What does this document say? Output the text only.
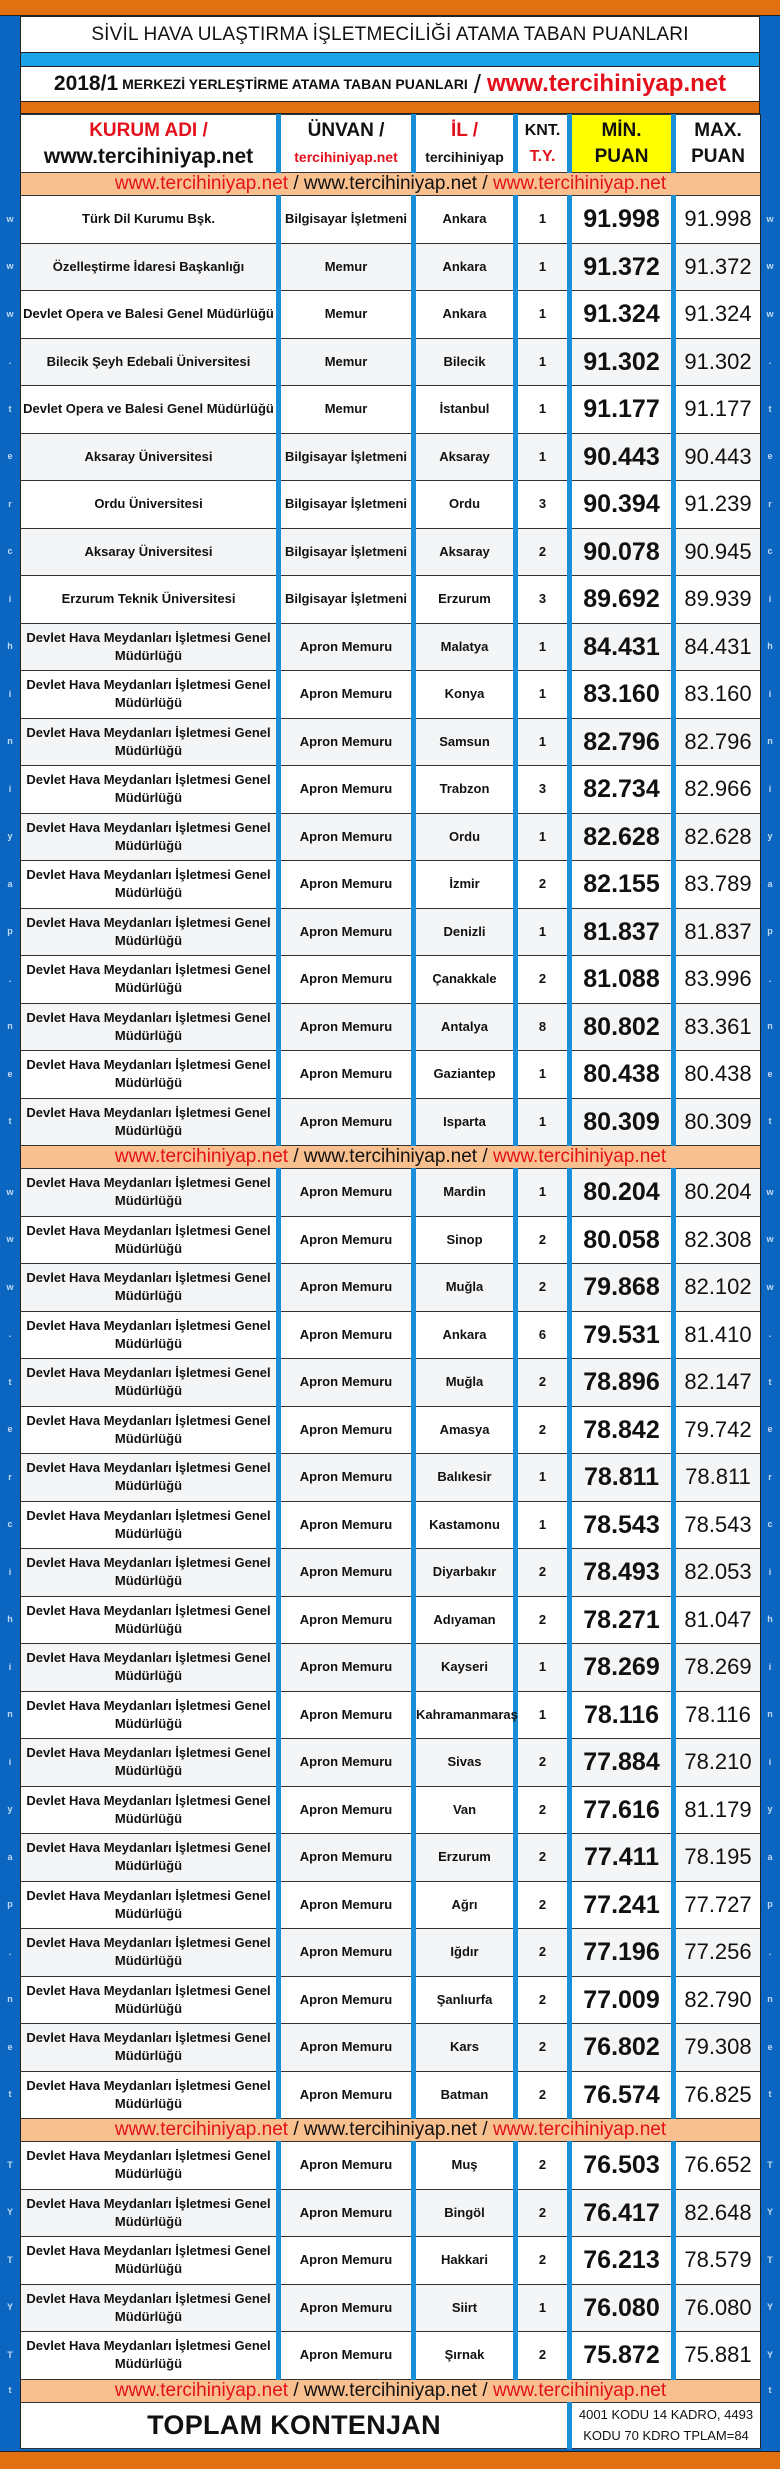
SİVİL HAVA ULAŞTIRMA İŞLETMECİLİĞİ ATAMA TABAN PUANLARI
2018/1 MERKEZİ YERLEŞTİRME ATAMA TABAN PUANLARI / www.tercihiniyap.net
KURUM ADI /
www.tercihiniyap.net

ÜNVAN /
tercihiniyap.net

İL /
tercihiniyap

KNT.
T.Y.

MİN.
PUAN

MAX.
PUAN

www.tercihiniyap.net / www.tercihiniyap.net / www.tercihiniyap.net					
Türk Dil Kurumu Bşk.	Bilgisayar İşletmeni	Ankara	1	91.998	91.998
Özelleştirme İdaresi Başkanlığı	Memur	Ankara	1	91.372	91.372
Devlet Opera ve Balesi Genel Müdürlüğü	Memur	Ankara	1	91.324	91.324
Bilecik Şeyh Edebali Üniversitesi	Memur	Bilecik	1	91.302	91.302
Devlet Opera ve Balesi Genel Müdürlüğü	Memur	İstanbul	1	91.177	91.177
Aksaray Üniversitesi	Bilgisayar İşletmeni	Aksaray	1	90.443	90.443
Ordu Üniversitesi	Bilgisayar İşletmeni	Ordu	3	90.394	91.239
Aksaray Üniversitesi	Bilgisayar İşletmeni	Aksaray	2	90.078	90.945
Erzurum Teknik Üniversitesi	Bilgisayar İşletmeni	Erzurum	3	89.692	89.939
Devlet Hava Meydanları İşletmesi Genel Müdürlüğü	Apron Memuru	Malatya	1	84.431	84.431
Devlet Hava Meydanları İşletmesi Genel Müdürlüğü	Apron Memuru	Konya	1	83.160	83.160
Devlet Hava Meydanları İşletmesi Genel Müdürlüğü	Apron Memuru	Samsun	1	82.796	82.796
Devlet Hava Meydanları İşletmesi Genel Müdürlüğü	Apron Memuru	Trabzon	3	82.734	82.966
Devlet Hava Meydanları İşletmesi Genel Müdürlüğü	Apron Memuru	Ordu	1	82.628	82.628
Devlet Hava Meydanları İşletmesi Genel Müdürlüğü	Apron Memuru	İzmir	2	82.155	83.789
Devlet Hava Meydanları İşletmesi Genel Müdürlüğü	Apron Memuru	Denizli	1	81.837	81.837
Devlet Hava Meydanları İşletmesi Genel Müdürlüğü	Apron Memuru	Çanakkale	2	81.088	83.996
Devlet Hava Meydanları İşletmesi Genel Müdürlüğü	Apron Memuru	Antalya	8	80.802	83.361
Devlet Hava Meydanları İşletmesi Genel Müdürlüğü	Apron Memuru	Gaziantep	1	80.438	80.438
Devlet Hava Meydanları İşletmesi Genel Müdürlüğü	Apron Memuru	Isparta	1	80.309	80.309
www.tercihiniyap.net / www.tercihiniyap.net / www.tercihiniyap.net					
Devlet Hava Meydanları İşletmesi Genel Müdürlüğü	Apron Memuru	Mardin	1	80.204	80.204
Devlet Hava Meydanları İşletmesi Genel Müdürlüğü	Apron Memuru	Sinop	2	80.058	82.308
Devlet Hava Meydanları İşletmesi Genel Müdürlüğü	Apron Memuru	Muğla	2	79.868	82.102
Devlet Hava Meydanları İşletmesi Genel Müdürlüğü	Apron Memuru	Ankara	6	79.531	81.410
Devlet Hava Meydanları İşletmesi Genel Müdürlüğü	Apron Memuru	Muğla	2	78.896	82.147
Devlet Hava Meydanları İşletmesi Genel Müdürlüğü	Apron Memuru	Amasya	2	78.842	79.742
Devlet Hava Meydanları İşletmesi Genel Müdürlüğü	Apron Memuru	Balıkesir	1	78.811	78.811
Devlet Hava Meydanları İşletmesi Genel Müdürlüğü	Apron Memuru	Kastamonu	1	78.543	78.543
Devlet Hava Meydanları İşletmesi Genel Müdürlüğü	Apron Memuru	Diyarbakır	2	78.493	82.053
Devlet Hava Meydanları İşletmesi Genel Müdürlüğü	Apron Memuru	Adıyaman	2	78.271	81.047
Devlet Hava Meydanları İşletmesi Genel Müdürlüğü	Apron Memuru	Kayseri	1	78.269	78.269
Devlet Hava Meydanları İşletmesi Genel Müdürlüğü	Apron Memuru	Kahramanmaraş	1	78.116	78.116
Devlet Hava Meydanları İşletmesi Genel Müdürlüğü	Apron Memuru	Sivas	2	77.884	78.210
Devlet Hava Meydanları İşletmesi Genel Müdürlüğü	Apron Memuru	Van	2	77.616	81.179
Devlet Hava Meydanları İşletmesi Genel Müdürlüğü	Apron Memuru	Erzurum	2	77.411	78.195
Devlet Hava Meydanları İşletmesi Genel Müdürlüğü	Apron Memuru	Ağrı	2	77.241	77.727
Devlet Hava Meydanları İşletmesi Genel Müdürlüğü	Apron Memuru	Iğdır	2	77.196	77.256
Devlet Hava Meydanları İşletmesi Genel Müdürlüğü	Apron Memuru	Şanlıurfa	2	77.009	82.790
Devlet Hava Meydanları İşletmesi Genel Müdürlüğü	Apron Memuru	Kars	2	76.802	79.308
Devlet Hava Meydanları İşletmesi Genel Müdürlüğü	Apron Memuru	Batman	2	76.574	76.825
www.tercihiniyap.net / www.tercihiniyap.net / www.tercihiniyap.net					
Devlet Hava Meydanları İşletmesi Genel Müdürlüğü	Apron Memuru	Muş	2	76.503	76.652
Devlet Hava Meydanları İşletmesi Genel Müdürlüğü	Apron Memuru	Bingöl	2	76.417	82.648
Devlet Hava Meydanları İşletmesi Genel Müdürlüğü	Apron Memuru	Hakkari	2	76.213	78.579
Devlet Hava Meydanları İşletmesi Genel Müdürlüğü	Apron Memuru	Siirt	1	76.080	76.080
Devlet Hava Meydanları İşletmesi Genel Müdürlüğü	Apron Memuru	Şırnak	2	75.872	75.881
www.tercihiniyap.net / www.tercihiniyap.net / www.tercihiniyap.net					
TOPLAM KONTENJAN				4001 KODU 14 KADRO, 4493
KODU 70 KDRO TPLAM=84	
w	w
w	w
w	w
.	.
t	t
e	e
r	r
c	c
i	i
h	h
i	i
n	n
i	i
y	y
a	a
p	p
.	.
n	n
e	e
t	t
w	w
w	w
w	w
.	.
t	t
e	e
r	r
c	c
i	i
h	h
i	i
n	n
i	i
y	y
a	a
p	p
.	.
n	n
e	e
t	t
T	T
Y	Y
T	T
Y	Y
T	Y
t	t
